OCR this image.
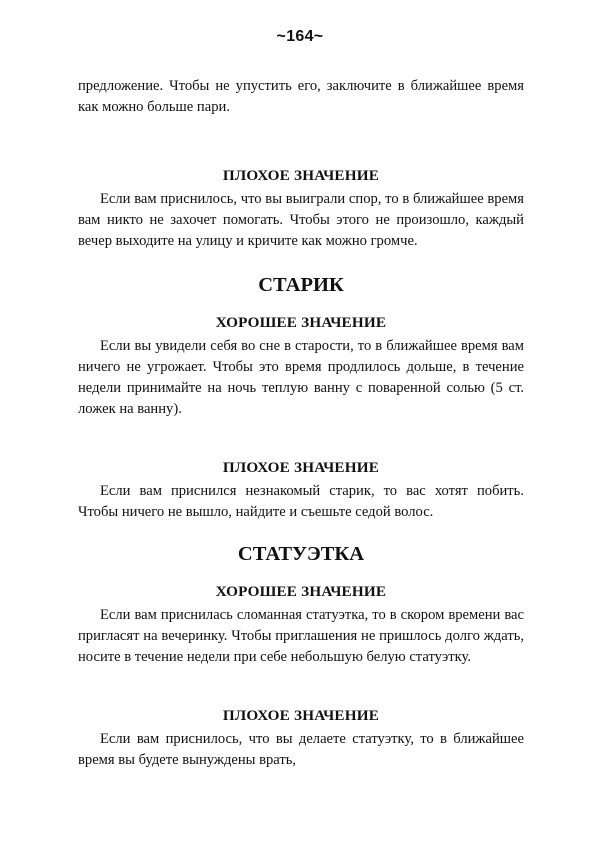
~164~

предложение. Чтобы не упустить его, заключите в ближайшее время как можно больше пари.

ПЛОХОЕ ЗНАЧЕНИЕ

Если вам приснилось, что вы выиграли спор, то в ближайшее время вам никто не захочет помогать. Чтобы этого не произошло, каждый вечер выходите на улицу и кричите как можно громче.

СТАРИК
ХОРОШЕЕ ЗНАЧЕНИЕ

Если вы увидели себя во сне в старости, то в ближайшее время вам ничего не угрожает. Чтобы это время продлилось дольше, в течение недели принимайте на ночь теплую ванну с поваренной солью (5 ст. ложек на ванну).

ПЛОХОЕ ЗНАЧЕНИЕ

Если вам приснился незнакомый старик, то вас хотят побить. Чтобы ничего не вышло, найдите и съешьте седой волос.

СТАТУЭТКА
ХОРОШЕЕ ЗНАЧЕНИЕ

Если вам приснилась сломанная статуэтка, то в скором времени вас пригласят на вечеринку. Чтобы приглашения не пришлось долго ждать, носите в течение недели при себе небольшую белую статуэтку.

ПЛОХОЕ ЗНАЧЕНИЕ

Если вам приснилось, что вы делаете статуэтку, то в ближайшее время вы будете вынуждены врать,
